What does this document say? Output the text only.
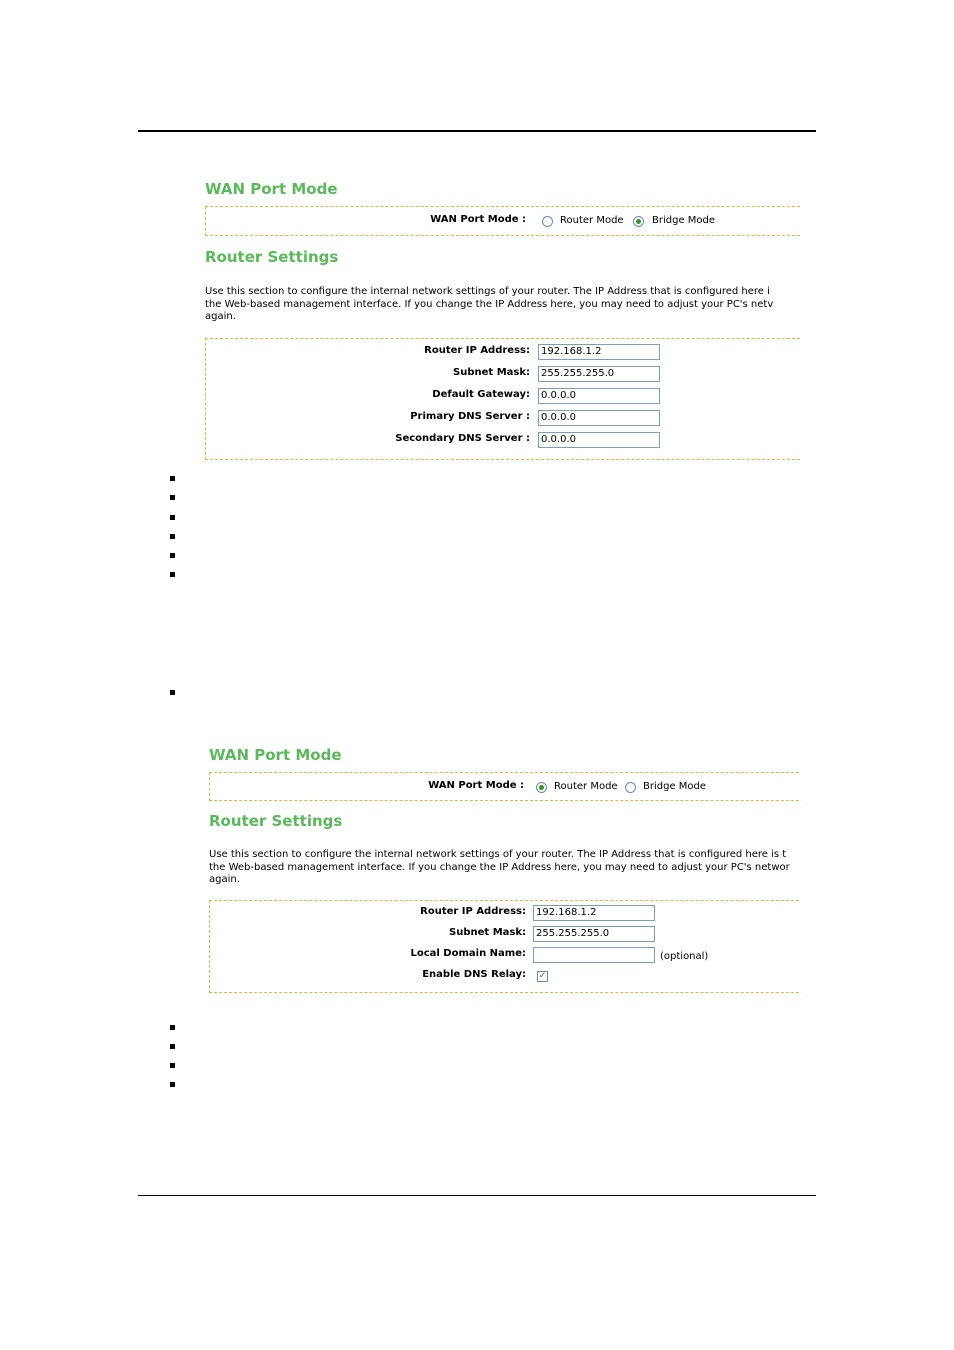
WAN Port Mode
WAN Port Mode :	Router Mode	Bridge Mode
Router Settings
Use this section to configure the internal network settings of your router. The IP Address that is configured here i
the Web-based management interface. If you change the IP Address here, you may need to adjust your PC's netv
again.
Router IP Address:	192.168.1.2
Subnet Mask:	255.255.255.0
Default Gateway:	0.0.0.0
Primary DNS Server :	0.0.0.0
Secondary DNS Server :	0.0.0.0
WAN Port Mode
WAN Port Mode :	Router Mode	Bridge Mode
Router Settings
Use this section to configure the internal network settings of your router. The IP Address that is configured here is t
the Web-based management interface. If you change the IP Address here, you may need to adjust your PC's networ
again.
Router IP Address:	192.168.1.2
Subnet Mask:	255.255.255.0
Local Domain Name:	(optional)
Enable DNS Relay: ✓
